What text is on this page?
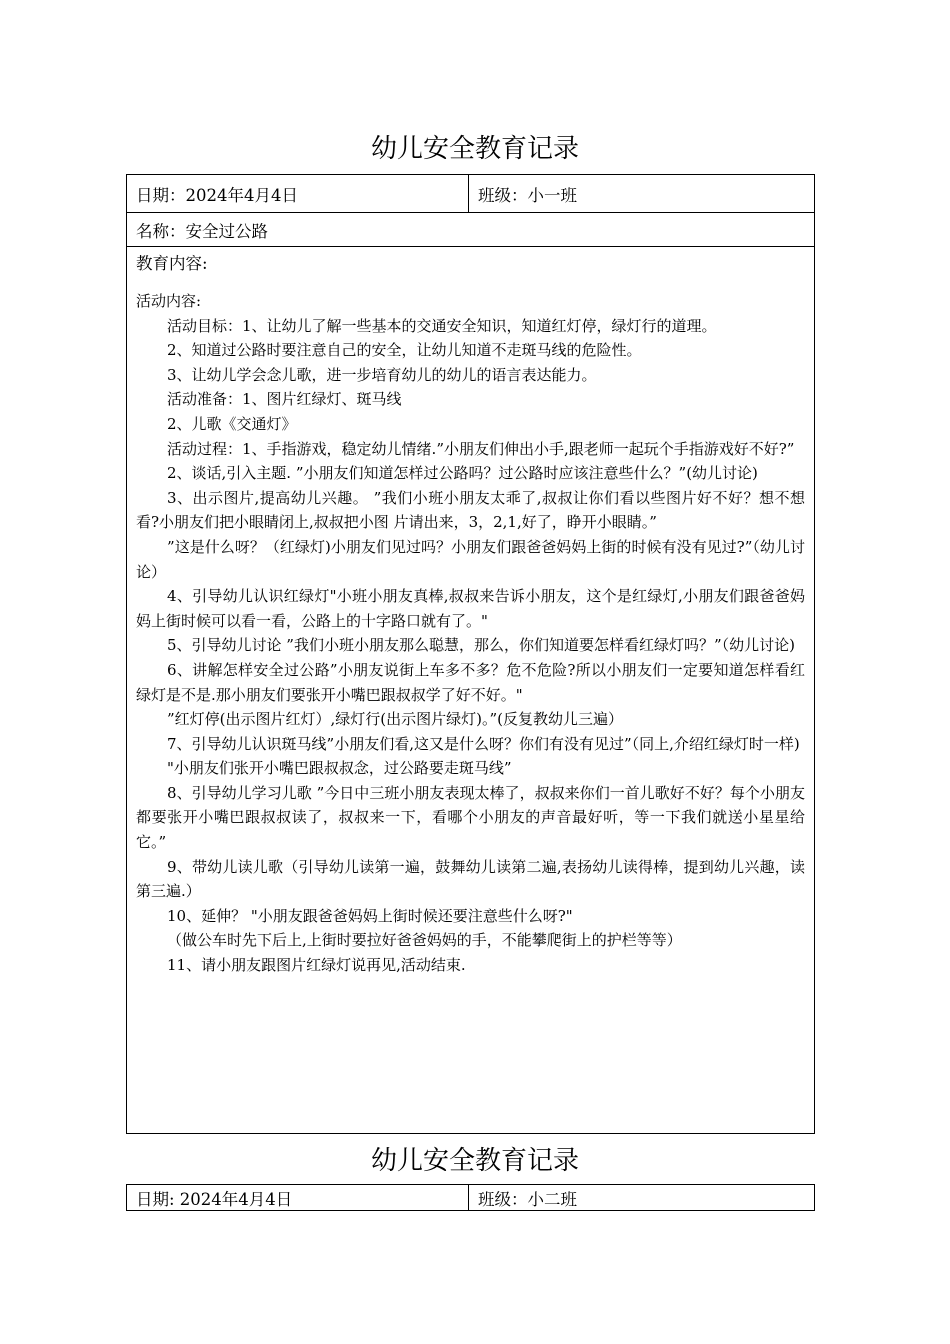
幼儿安全教育记录
日期：2024年4月4日	班级：小一班
名称：安全过公路
教育内容:

活动内容:

活动目标：1、让幼儿了解一些基本的交通安全知识，知道红灯停，绿灯行的道理。

2、知道过公路时要注意自己的安全，让幼儿知道不走斑马线的危险性。

3、让幼儿学会念儿歌，进一步培育幼儿的幼儿的语言表达能力。

活动准备：1、图片红绿灯、斑马线

2、儿歌《交通灯》

活动过程：1、手指游戏，稳定幼儿情绪.”小朋友们伸出小手,跟老师一起玩个手指游戏好不好?”

2、谈话,引入主题. ”小朋友们知道怎样过公路吗？过公路时应该注意些什么？”(幼儿讨论)

3、出示图片,提高幼儿兴趣。 ”我们小班小朋友太乖了,叔叔让你们看以些图片好不好？想不想看?小朋友们把小眼睛闭上,叔叔把小图 片请出来，3，2,1,好了，睁开小眼睛。”

”这是什么呀？（红绿灯)小朋友们见过吗？小朋友们跟爸爸妈妈上街的时候有没有见过?”（幼儿讨论）

4、引导幼儿认识红绿灯"小班小朋友真棒,叔叔来告诉小朋友，这个是红绿灯,小朋友们跟爸爸妈妈上街时候可以看一看，公路上的十字路口就有了。"

5、引导幼儿讨论 ”我们小班小朋友那么聪慧，那么，你们知道要怎样看红绿灯吗？”（幼儿讨论)

6、讲解怎样安全过公路”小朋友说街上车多不多？危不危险?所以小朋友们一定要知道怎样看红绿灯是不是.那小朋友们要张开小嘴巴跟叔叔学了好不好。"

”红灯停(出示图片红灯）,绿灯行(出示图片绿灯)。”(反复教幼儿三遍）

7、引导幼儿认识斑马线”小朋友们看,这又是什么呀？你们有没有见过”（同上,介绍红绿灯时一样)

"小朋友们张开小嘴巴跟叔叔念，过公路要走斑马线”

8、引导幼儿学习儿歌 ”今日中三班小朋友表现太棒了，叔叔来你们一首儿歌好不好？每个小朋友都要张开小嘴巴跟叔叔读了，叔叔来一下，看哪个小朋友的声音最好听，等一下我们就送小星星给它。”

9、带幼儿读儿歌（引导幼儿读第一遍，鼓舞幼儿读第二遍,表扬幼儿读得棒，提到幼儿兴趣，读第三遍.）

10、延伸？ "小朋友跟爸爸妈妈上街时候还要注意些什么呀?"

（做公车时先下后上,上街时要拉好爸爸妈妈的手，不能攀爬街上的护栏等等）

11、请小朋友跟图片红绿灯说再见,活动结束.

幼儿安全教育记录
日期: 2024年4月4日	班级：小二班
